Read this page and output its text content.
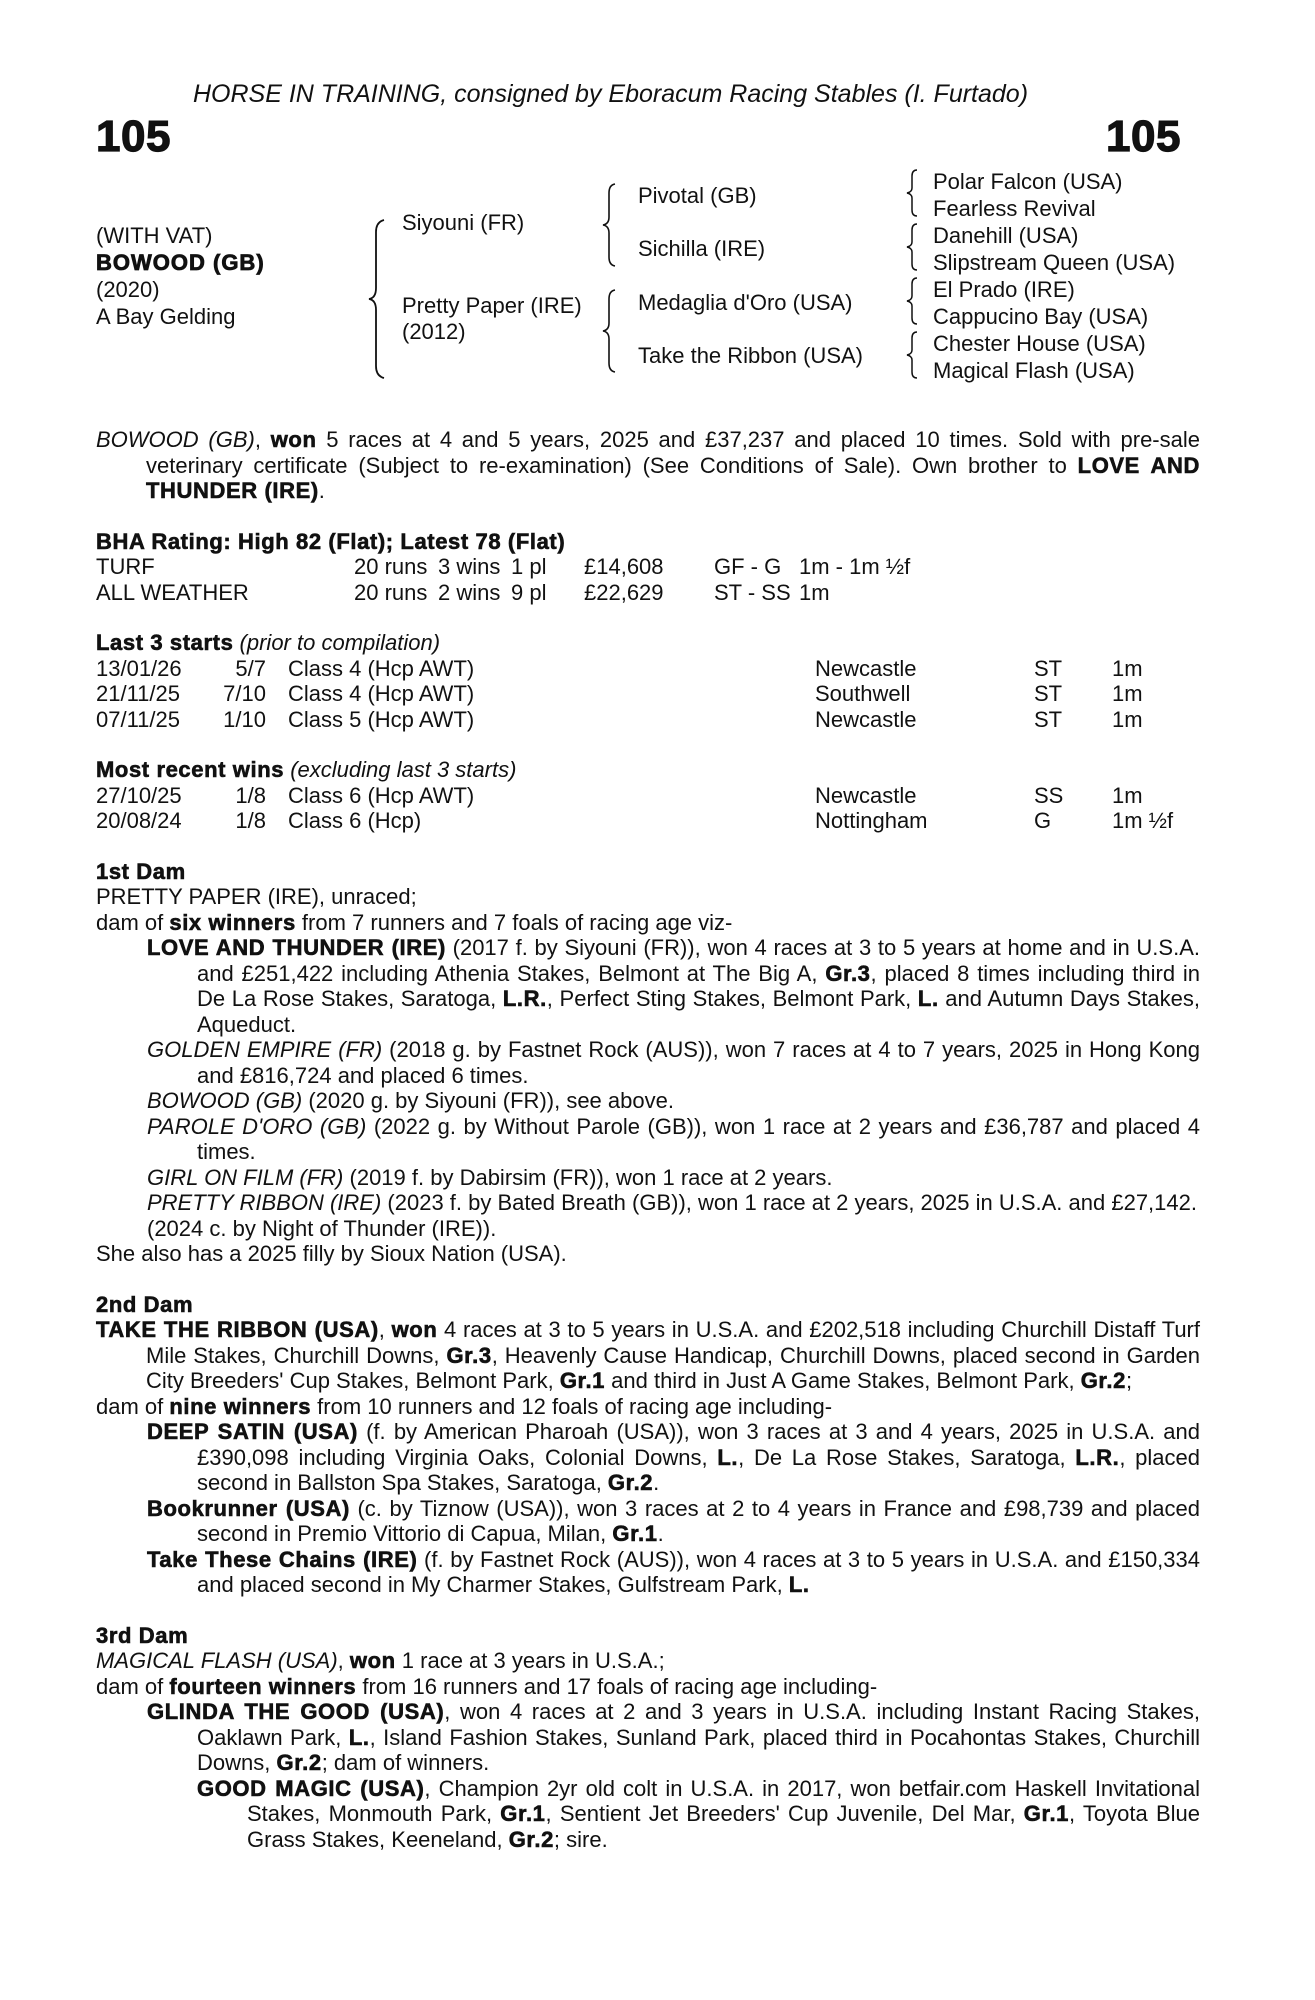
HORSE IN TRAINING, consigned by Eboracum Racing Stables (I. Furtado)
105	105
(WITH VAT)
BOWOOD (GB)
(2020)
A Bay Gelding
Siyouni (FR)
Pretty Paper (IRE)
(2012)
Pivotal (GB)
Sichilla (IRE)
Medaglia d'Oro (USA)
Take the Ribbon (USA)
Polar Falcon (USA)
Fearless Revival
Danehill (USA)
Slipstream Queen (USA)
El Prado (IRE)
Cappucino Bay (USA)
Chester House (USA)
Magical Flash (USA)
BOWOOD (GB), won 5 races at 4 and 5 years, 2025 and £37,237 and placed 10 times. Sold with pre-sale veterinary certificate (Subject to re-examination) (See Conditions of Sale). Own brother to LOVE AND THUNDER (IRE).
BHA Rating: High 82 (Flat); Latest 78 (Flat)
TURF	20 runs 3 wins 1 pl £14,608 GF - G 1m - 1m ½f
ALL WEATHER	20 runs 2 wins 9 pl £22,629 ST - SS 1m
Last 3 starts (prior to compilation)
13/01/26 5/7 Class 4 (Hcp AWT)	Newcastle	ST 1m
21/11/25 7/10 Class 4 (Hcp AWT)	Southwell	ST 1m
07/11/25 1/10 Class 5 (Hcp AWT)	Newcastle	ST 1m
Most recent wins (excluding last 3 starts)
27/10/25 1/8 Class 6 (Hcp AWT)	Newcastle	SS 1m
20/08/24 1/8 Class 6 (Hcp)	Nottingham	G	1m ½f
1st Dam
PRETTY PAPER (IRE), unraced;
dam of six winners from 7 runners and 7 foals of racing age viz-
LOVE AND THUNDER (IRE) (2017 f. by Siyouni (FR)), won 4 races at 3 to 5 years at home and in U.S.A. and £251,422 including Athenia Stakes, Belmont at The Big A, Gr.3, placed 8 times including third in De La Rose Stakes, Saratoga, L.R., Perfect Sting Stakes, Belmont Park, L. and Autumn Days Stakes, Aqueduct.
GOLDEN EMPIRE (FR) (2018 g. by Fastnet Rock (AUS)), won 7 races at 4 to 7 years, 2025 in Hong Kong and £816,724 and placed 6 times.
BOWOOD (GB) (2020 g. by Siyouni (FR)), see above.
PAROLE D'ORO (GB) (2022 g. by Without Parole (GB)), won 1 race at 2 years and £36,787 and placed 4 times.
GIRL ON FILM (FR) (2019 f. by Dabirsim (FR)), won 1 race at 2 years.
PRETTY RIBBON (IRE) (2023 f. by Bated Breath (GB)), won 1 race at 2 years, 2025 in U.S.A. and £27,142.
(2024 c. by Night of Thunder (IRE)).
She also has a 2025 filly by Sioux Nation (USA).
2nd Dam
TAKE THE RIBBON (USA), won 4 races at 3 to 5 years in U.S.A. and £202,518 including Churchill Distaff Turf Mile Stakes, Churchill Downs, Gr.3, Heavenly Cause Handicap, Churchill Downs, placed second in Garden City Breeders' Cup Stakes, Belmont Park, Gr.1 and third in Just A Game Stakes, Belmont Park, Gr.2;
dam of nine winners from 10 runners and 12 foals of racing age including-
DEEP SATIN (USA) (f. by American Pharoah (USA)), won 3 races at 3 and 4 years, 2025 in U.S.A. and £390,098 including Virginia Oaks, Colonial Downs, L., De La Rose Stakes, Saratoga, L.R., placed second in Ballston Spa Stakes, Saratoga, Gr.2.
Bookrunner (USA) (c. by Tiznow (USA)), won 3 races at 2 to 4 years in France and £98,739 and placed second in Premio Vittorio di Capua, Milan, Gr.1.
Take These Chains (IRE) (f. by Fastnet Rock (AUS)), won 4 races at 3 to 5 years in U.S.A. and £150,334 and placed second in My Charmer Stakes, Gulfstream Park, L.
3rd Dam
MAGICAL FLASH (USA), won 1 race at 3 years in U.S.A.;
dam of fourteen winners from 16 runners and 17 foals of racing age including-
GLINDA THE GOOD (USA), won 4 races at 2 and 3 years in U.S.A. including Instant Racing Stakes, Oaklawn Park, L., Island Fashion Stakes, Sunland Park, placed third in Pocahontas Stakes, Churchill Downs, Gr.2; dam of winners.
GOOD MAGIC (USA), Champion 2yr old colt in U.S.A. in 2017, won betfair.com Haskell Invitational Stakes, Monmouth Park, Gr.1, Sentient Jet Breeders' Cup Juvenile, Del Mar, Gr.1, Toyota Blue Grass Stakes, Keeneland, Gr.2; sire.
